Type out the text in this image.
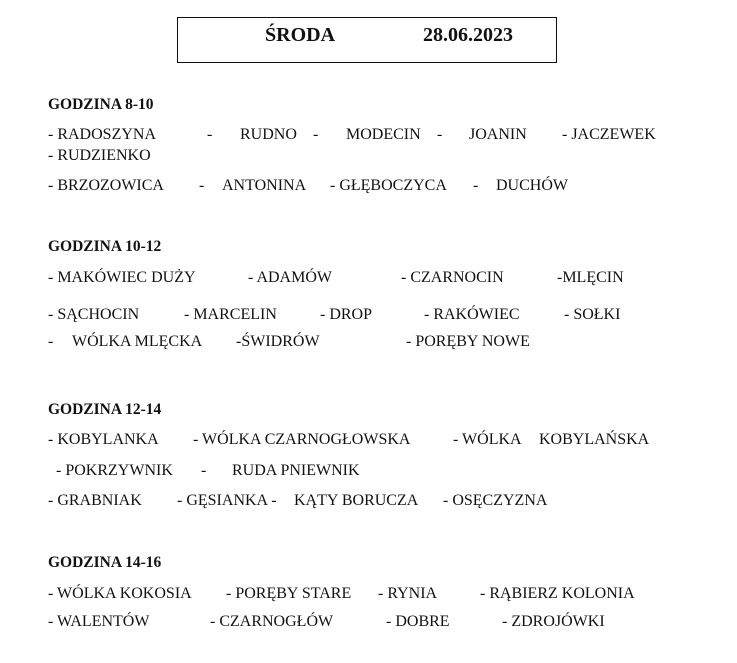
ŚRODA	28.06.2023
GODZINA 8-10
- RADOSZYNA	- RUDNO - MODECIN - JOANIN - JACZEWEK
- RUDZIENKO
- BRZOZOWICA - ANTONINA - GŁĘBOCZYCA - DUCHÓW
GODZINA 10-12
- MAKÓWIEC DUŻY	- ADAMÓW	- CZARNOCIN	-MLĘCIN
- SĄCHOCIN	- MARCELIN	- DROP	- RAKÓWIEC	- SOŁKI
- WÓLKA MLĘCKA -ŚWIDRÓW	- PORĘBY NOWE
GODZINA 12-14
- KOBYLANKA - WÓLKA CZARNOGŁOWSKA	- WÓLKA KOBYLAŃSKA
- POKRZYWNIK - RUDA PNIEWNIK
- GRABNIAK - GĘSIANKA - KĄTY BORUCZA - OSĘCZYZNA
GODZINA 14-16
- WÓLKA KOKOSIA - PORĘBY STARE - RYNIA	- RĄBIERZ KOLONIA
- WALENTÓW	- CZARNOGŁÓW	- DOBRE	- ZDROJÓWKI
